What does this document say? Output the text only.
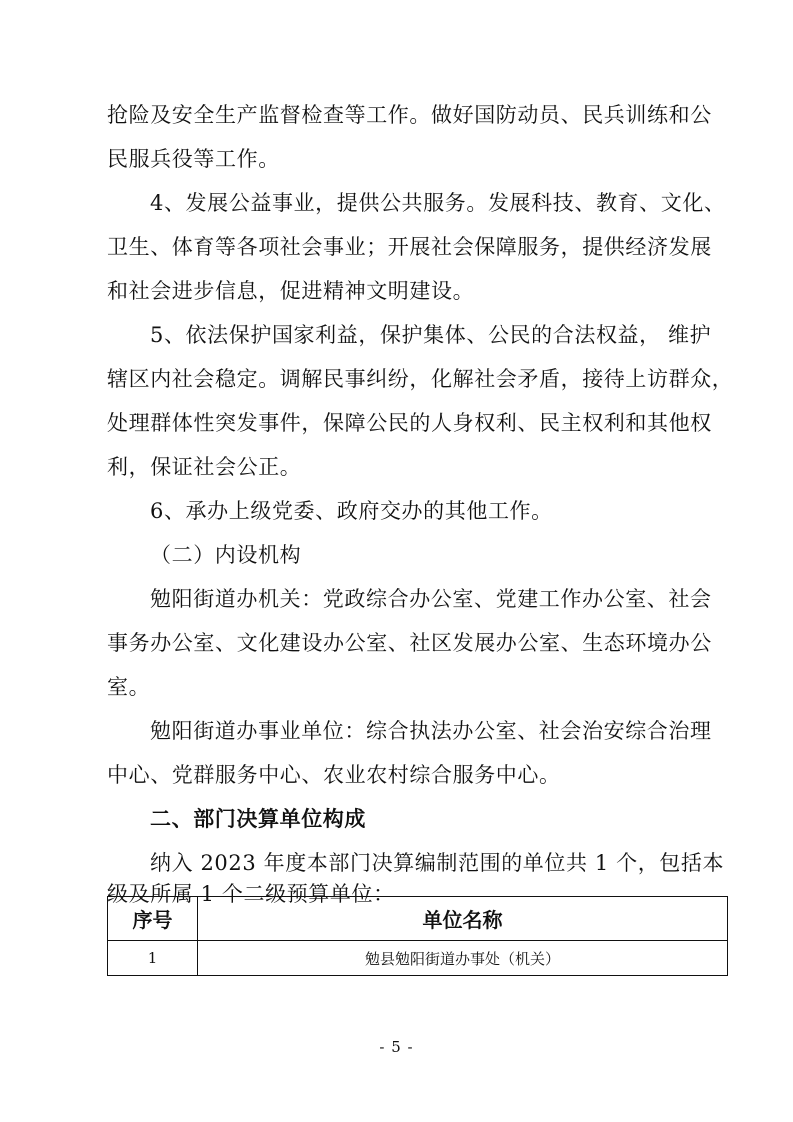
抢险及安全生产监督检查等工作。做好国防动员、民兵训练和公
民服兵役等工作。
4、发展公益事业，提供公共服务。发展科技、教育、文化、
卫生、体育等各项社会事业；开展社会保障服务，提供经济发展
和社会进步信息，促进精神文明建设。
5、依法保护国家利益，保护集体、公民的合法权益， 维护
辖区内社会稳定。调解民事纠纷，化解社会矛盾，接待上访群众，
处理群体性突发事件，保障公民的人身权利、民主权利和其他权
利，保证社会公正。
6、承办上级党委、政府交办的其他工作。
（二）内设机构
勉阳街道办机关：党政综合办公室、党建工作办公室、社会
事务办公室、文化建设办公室、社区发展办公室、生态环境办公
室。
勉阳街道办事业单位：综合执法办公室、社会治安综合治理
中心、党群服务中心、农业农村综合服务中心。
二、部门决算单位构成
纳入 2023 年度本部门决算编制范围的单位共 1 个，包括本
级及所属 1 个二级预算单位：
序号	单位名称
1	勉县勉阳街道办事处（机关）
- 5 -
